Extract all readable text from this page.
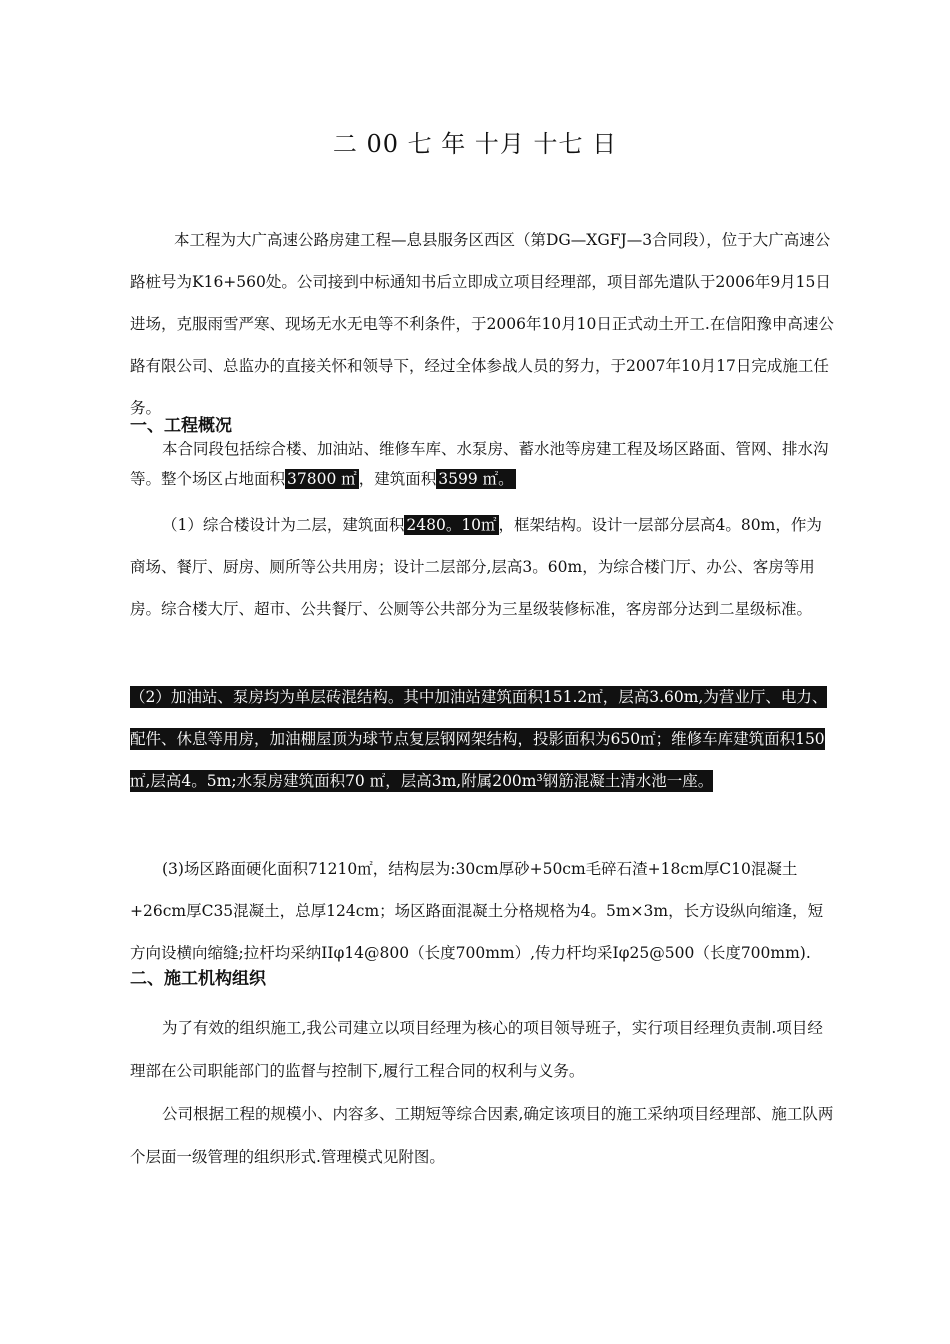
二 00 七 年 十月 十七 日

本工程为大广高速公路房建工程—息县服务区西区（第DG—XGFJ—3合同段），位于大广高速公路桩号为K16+560处。公司接到中标通知书后立即成立项目经理部，项目部先遣队于2006年9月15日进场，克服雨雪严寒、现场无水无电等不利条件，于2006年10月10日正式动土开工.在信阳豫申高速公路有限公司、总监办的直接关怀和领导下，经过全体参战人员的努力，于2007年10月17日完成施工任务。

一、工程概况

本合同段包括综合楼、加油站、维修车库、水泵房、蓄水池等房建工程及场区路面、管网、排水沟等。整个场区占地面积 37800 ㎡ ，建筑面积 3599 ㎡。

（1）综合楼设计为二层，建筑面积 2480。10㎡ ，框架结构。设计一层部分层高4。80m，作为商场、餐厅、厨房、厕所等公共用房；设计二层部分,层高3。60m，为综合楼门厅、办公、客房等用房。综合楼大厅、超市、公共餐厅、公厕等公共部分为三星级装修标准，客房部分达到二星级标准。

（2）加油站、泵房均为单层砖混结构。其中加油站建筑面积151.2㎡，层高3.60m,为营业厅、电力、配件、休息等用房，加油棚屋顶为球节点复层钢网架结构，投影面积为650㎡；维修车库建筑面积150㎡,层高4。5m;水泵房建筑面积70 ㎡，层高3m,附属200m³钢筋混凝土清水池一座。

(3)场区路面硬化面积71210㎡，结构层为:30cm厚砂+50cm毛碎石渣+18cm厚C10混凝土+26cm厚C35混凝土，总厚124cm；场区路面混凝土分格规格为4。5m×3m，长方设纵向缩逢，短方向设横向缩缝;拉杆均采纳IIφ14@800（长度700mm）,传力杆均采Iφ25@500（长度700mm).

二、施工机构组织

为了有效的组织施工,我公司建立以项目经理为核心的项目领导班子，实行项目经理负责制.项目经理部在公司职能部门的监督与控制下,履行工程合同的权利与义务。

公司根据工程的规模小、内容多、工期短等综合因素,确定该项目的施工采纳项目经理部、施工队两个层面一级管理的组织形式.管理模式见附图。
